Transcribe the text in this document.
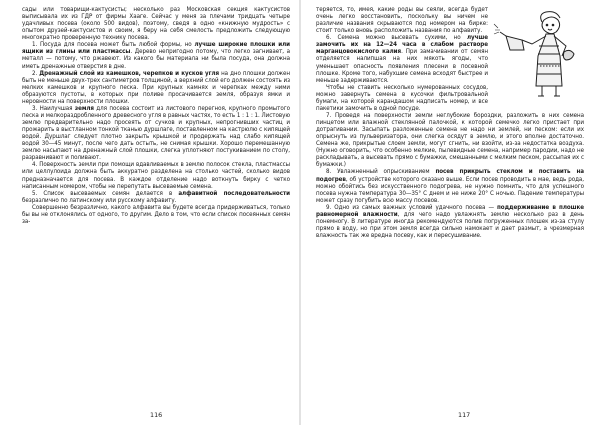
сады или товарищи-кактусисты; несколько раз Московская секция кактусистов выписывала их из ГДР от фирмы Хааге. Сейчас у меня за плечами тридцать четыре удачливых посева (около 500 видов), поэтому, сведя в одно «книжную мудрость» с опытом друзей-кактусистов и своим, я беру на себя смелость предложить следующую многократно проверенную технику посева.

1. Посуда для посева может быть любой формы, но лучше широкие плошки или ящики из глины или пластмассы. Дерево непригодно потому, что легко загнивает, а металл — потому, что ржавеют. Из какого бы материала ни была посуда, она должна иметь дренажные отверстия в дне.

2. Дренажный слой из камешков, черепков и кусков угля на дно плошки должен быть не меньше двух-трех сантиметров толщиной, а верхний слой его должен состоять из мелких камешков и крупного песка. При крупных камнях и черепках между ними образуются пустоты, в которых при поливе просачивается земля, образуя ямки и неровности на поверхности плошки.

3. Наилучшая земля для посева состоит из листового перегноя, крупного промытого песка и мелкораздробленного древесного угля в равных частях, то есть 1 : 1 : 1. Листовую землю предварительно надо просеять от сучков и крупных, непрогнивших частиц и прожарить в выстланном тонкой тканью дуршлаге, поставленном на кастрюлю с кипящей водой. Дуршлаг следует плотно закрыть крышкой и продержать над слабо кипящей водой 30—45 минут, после чего дать остыть, не снимая крышки. Хорошо перемешанную землю насыпают на дренажный слой плошки, слегка уплотняют постукиванием по столу, разравнивают и поливают.

4. Поверхность земли при помощи вдавливаемых в землю полосок стекла, пластмассы или целлулоида должна быть аккуратно разделена на столько частей, сколько видов предназначается для посева. В каждое отделение надо воткнуть бирку с четко написанным номером, чтобы не перепутать высеваемые семена.

5. Список высеваемых семян делается в алфавитной последовательности безразлично по латинскому или русскому алфавиту.

Совершенно безразлично, какого алфавита вы будете всегда придерживаться, только бы вы не отклонялись от одного, то другим. Дело в том, что если список посеянных семян за-

116

теряется, то, имея, какие роды вы сеяли, всегда будет очень легко восстановить, поскольку вы ничем не различие названия скрываются под номером на бирке: стоит только вновь расположить названия по алфавиту.

6. Семена можно высевать сухими, но лучше замочить их на 12—24 часа в слабом растворе марганцовокислого калия. При замачивании от семян отделяется налипшая на них мякоть ягоды, что уменьшает опасность появления плесени в посевной плошке. Кроме того, набухшие семена всходят быстрее и меньше задерживаются.

Чтобы не ставить несколько нумерованных сосудов, можно завернуть семена в кусочки фильтровальной бумаги, на которой карандашом надписать номер, и все пакетики замочить в одной посуде.

7. Проведя на поверхности земли неглубокие бороздки, разложить в них семена пинцетом или влажной стеклянной палочкой, к которой семечко легко пристает при дотрагивании. Засыпать разложенные семена не надо ни землей, ни песком: если их опрыснуть из пульверизатора, они слегка осядут в землю, и этого вполне достаточно. Семена же, прикрытые слоем земли, могут сгнить, ни взойти, из-за недостатка воздуха. (Нужно оговорить, что особенно мелкие, пылевидные семена, например пародии, надо не раскладывать, а высевать прямо с бумажки, смешанными с мелким песком, рассыпая их с бумажки.)

8. Увлажненный опрыскиванием посев прикрыть стеклом и поставить на подогрев, об устройстве которого сказано выше. Если посев проводить в мае, ведь рода, можно обойтись без искусственного подогрева, не нужно помнить, что для успешного посева нужна температура 30—35° С днем и не ниже 20° С ночью. Падение температуры может сразу погубить всю массу посевов.

9. Одно из самых важных условий удачного посева — поддерживание в плошке равномерной влажности, для чего надо увлажнять землю несколько раз в день понемногу. В литературе иногда рекомендуются полив погруженных плошек из-за стулу прямо в воду, но при этом земля всегда сильно намокает и дает размыт, а чрезмерная влажность так же вредна посеву, как и пересушивание.

117
